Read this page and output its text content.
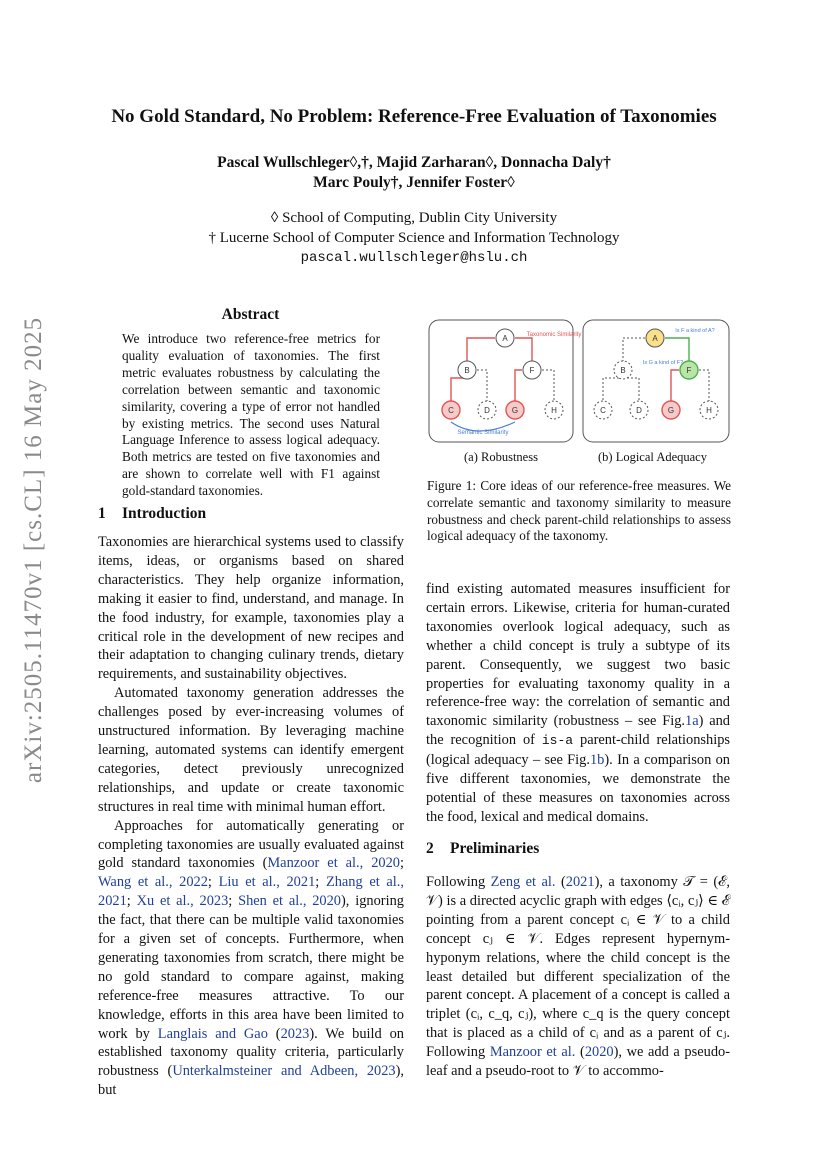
No Gold Standard, No Problem: Reference-Free Evaluation of Taxonomies
Pascal Wullschleger◊,†, Majid Zarharan◊, Donnacha Daly†
Marc Pouly†, Jennifer Foster◊
◊ School of Computing, Dublin City University
† Lucerne School of Computer Science and Information Technology
pascal.wullschleger@hslu.ch
arXiv:2505.11470v1 [cs.CL] 16 May 2025
Abstract
We introduce two reference-free metrics for quality evaluation of taxonomies. The first metric evaluates robustness by calculating the correlation between semantic and taxonomic similarity, covering a type of error not handled by existing metrics. The second uses Natural Language Inference to assess logical adequacy. Both metrics are tested on five taxonomies and are shown to correlate well with F1 against gold-standard taxonomies.
1 Introduction

Taxonomies are hierarchical systems used to classify items, ideas, or organisms based on shared characteristics. They help organize information, making it easier to find, understand, and manage. In the food industry, for example, taxonomies play a critical role in the development of new recipes and their adaptation to changing culinary trends, dietary requirements, and sustainability objectives.

Automated taxonomy generation addresses the challenges posed by ever-increasing volumes of unstructured information. By leveraging machine learning, automated systems can identify emergent categories, detect previously unrecognized relationships, and update or create taxonomic structures in real time with minimal human effort.

Approaches for automatically generating or completing taxonomies are usually evaluated against gold standard taxonomies (Manzoor et al., 2020; Wang et al., 2022; Liu et al., 2021; Zhang et al., 2021; Xu et al., 2023; Shen et al., 2020), ignoring the fact, that there can be multiple valid taxonomies for a given set of concepts. Furthermore, when generating taxonomies from scratch, there might be no gold standard to compare against, making reference-free measures attractive. To our knowledge, efforts in this area have been limited to work by Langlais and Gao (2023). We build on established taxonomy quality criteria, particularly robustness (Unterkalmsteiner and Adbeen, 2023), but

A
B	F
C	D	G	H
Taxonomic Similarity
Semantic Similarity
A
B	F
C	D	G	H
Is F a kind of A?
Is G a kind of F?
(a) Robustness	(b) Logical Adequacy
Figure 1: Core ideas of our reference-free measures. We correlate semantic and taxonomy similarity to measure robustness and check parent-child relationships to assess logical adequacy of the taxonomy.

find existing automated measures insufficient for certain errors. Likewise, criteria for human-curated taxonomies overlook logical adequacy, such as whether a child concept is truly a subtype of its parent. Consequently, we suggest two basic properties for evaluating taxonomy quality in a reference-free way: the correlation of semantic and taxonomic similarity (robustness – see Fig.1a) and the recognition of is-a parent-child relationships (logical adequacy – see Fig.1b). In a comparison on five different taxonomies, we demonstrate the potential of these measures on taxonomies across the food, lexical and medical domains.

2 Preliminaries

Following Zeng et al. (2021), a taxonomy 𝒯 = (ℰ, 𝒱) is a directed acyclic graph with edges ⟨cᵢ, cⱼ⟩ ∈ ℰ pointing from a parent concept cᵢ ∈ 𝒱 to a child concept cⱼ ∈ 𝒱. Edges represent hypernym-hyponym relations, where the child concept is the least detailed but different specialization of the parent concept. A placement of a concept is called a triplet (cᵢ, c_q, cⱼ), where c_q is the query concept that is placed as a child of cᵢ and as a parent of cⱼ. Following Manzoor et al. (2020), we add a pseudo-leaf and a pseudo-root to 𝒱 to accommo-
